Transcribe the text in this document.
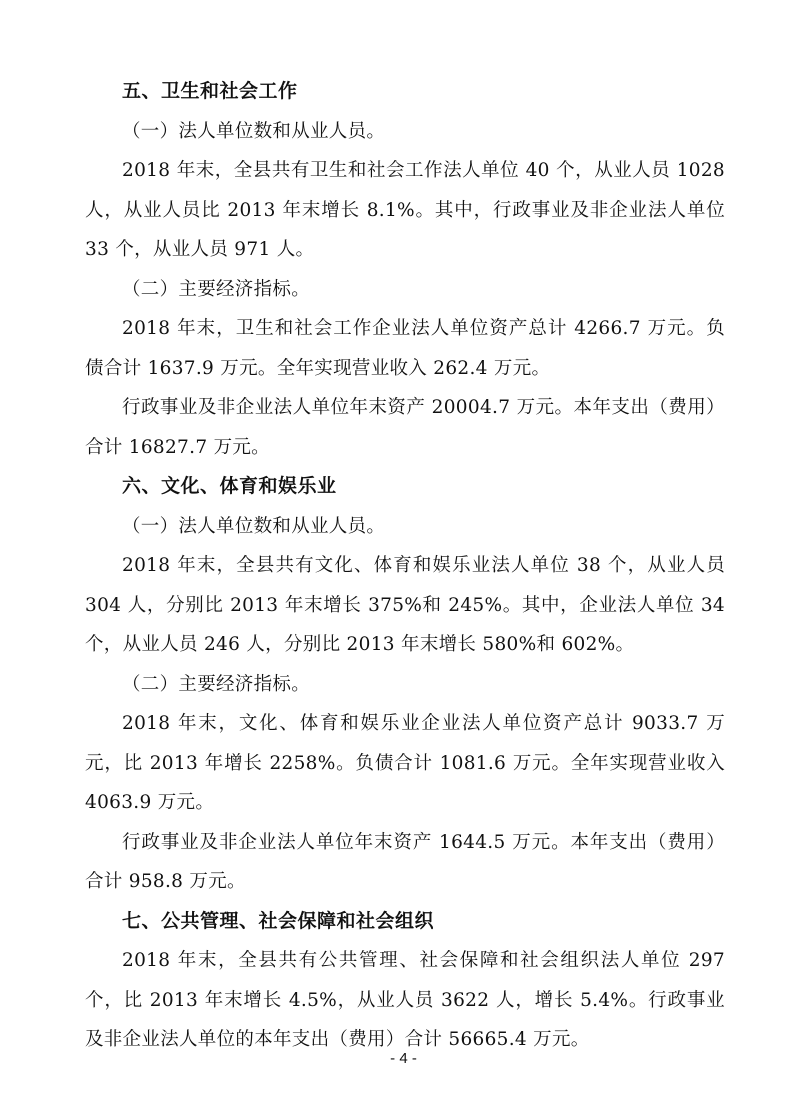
五、卫生和社会工作

（一）法人单位数和从业人员。

2018 年末，全县共有卫生和社会工作法人单位 40 个，从业人员 1028 人，从业人员比 2013 年末增长 8.1%。其中，行政事业及非企业法人单位 33 个，从业人员 971 人。

（二）主要经济指标。

2018 年末，卫生和社会工作企业法人单位资产总计 4266.7 万元。负债合计 1637.9 万元。全年实现营业收入 262.4 万元。

行政事业及非企业法人单位年末资产 20004.7 万元。本年支出（费用）合计 16827.7 万元。

六、文化、体育和娱乐业

（一）法人单位数和从业人员。

2018 年末，全县共有文化、体育和娱乐业法人单位 38 个，从业人员 304 人，分别比 2013 年末增长 375%和 245%。其中，企业法人单位 34 个，从业人员 246 人，分别比 2013 年末增长 580%和 602%。

（二）主要经济指标。

2018 年末，文化、体育和娱乐业企业法人单位资产总计 9033.7 万元，比 2013 年增长 2258%。负债合计 1081.6 万元。全年实现营业收入 4063.9 万元。

行政事业及非企业法人单位年末资产 1644.5 万元。本年支出（费用）合计 958.8 万元。

七、公共管理、社会保障和社会组织

2018 年末，全县共有公共管理、社会保障和社会组织法人单位 297 个，比 2013 年末增长 4.5%，从业人员 3622 人，增长 5.4%。行政事业及非企业法人单位的本年支出（费用）合计 56665.4 万元。

- 4 -
